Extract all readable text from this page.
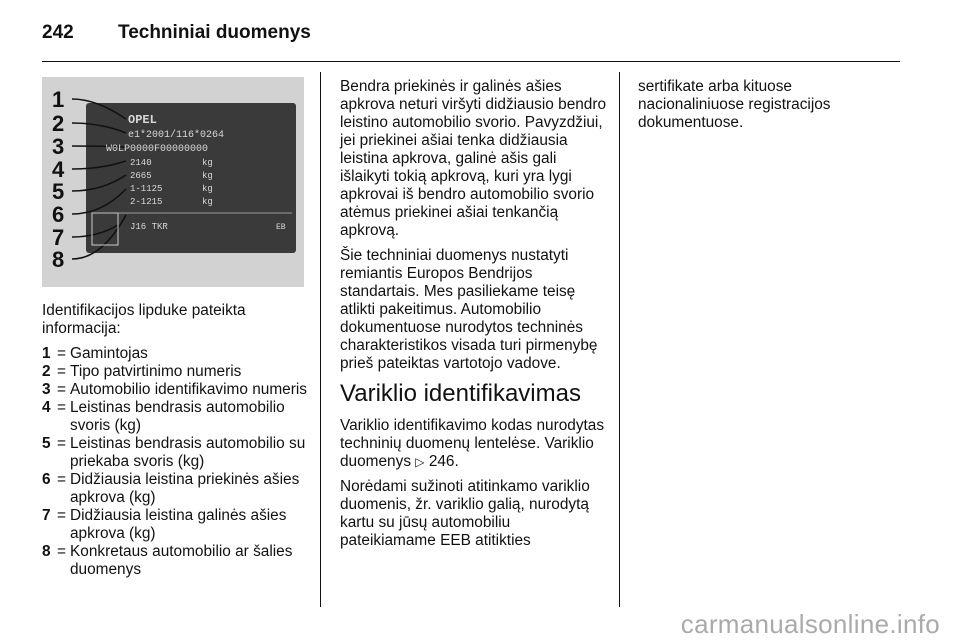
242 Techniniai duomenys
1
2
3
4
5
6
7
8
OPEL
e1*2001/116*0264
W0LP0000F00000000
2140	kg
2665	kg
1-1125	kg
2-1215	kg
J16 TKR	EB

Identifikacijos lipduke pateikta informacija:

1 = Gamintojas
2 = Tipo patvirtinimo numeris
3 = Automobilio identifikavimo numeris
4 = Leistinas bendrasis automobilio svoris (kg)
5 = Leistinas bendrasis automobilio su priekaba svoris (kg)
6 = Didžiausia leistina priekinės ašies apkrova (kg)
7 = Didžiausia leistina galinės ašies apkrova (kg)
8 = Konkretaus automobilio ar šalies duomenys

Bendra priekinės ir galinės ašies apkrova neturi viršyti didžiausio bendro leistino automobilio svorio. Pavyzdžiui, jei priekinei ašiai tenka didžiausia leistina apkrova, galinė ašis gali išlaikyti tokią apkrovą, kuri yra lygi apkrovai iš bendro automobilio svorio atėmus priekinei ašiai tenkančią apkrovą.

Šie techniniai duomenys nustatyti remiantis Europos Bendrijos standartais. Mes pasiliekame teisę atlikti pakeitimus. Automobilio dokumentuose nurodytos techninės charakteristikos visada turi pirmenybę prieš pateiktas vartotojo vadove.

Variklio identifikavimas

Variklio identifikavimo kodas nurodytas techninių duomenų lentelėse. Variklio duomenys ▷ 246.

Norėdami sužinoti atitinkamo variklio duomenis, žr. variklio galią, nurodytą kartu su jūsų automobiliu pateikiamame EEB atitikties

sertifikate arba kituose nacionaliniuose registracijos dokumentuose.

carmanualsonline.info
